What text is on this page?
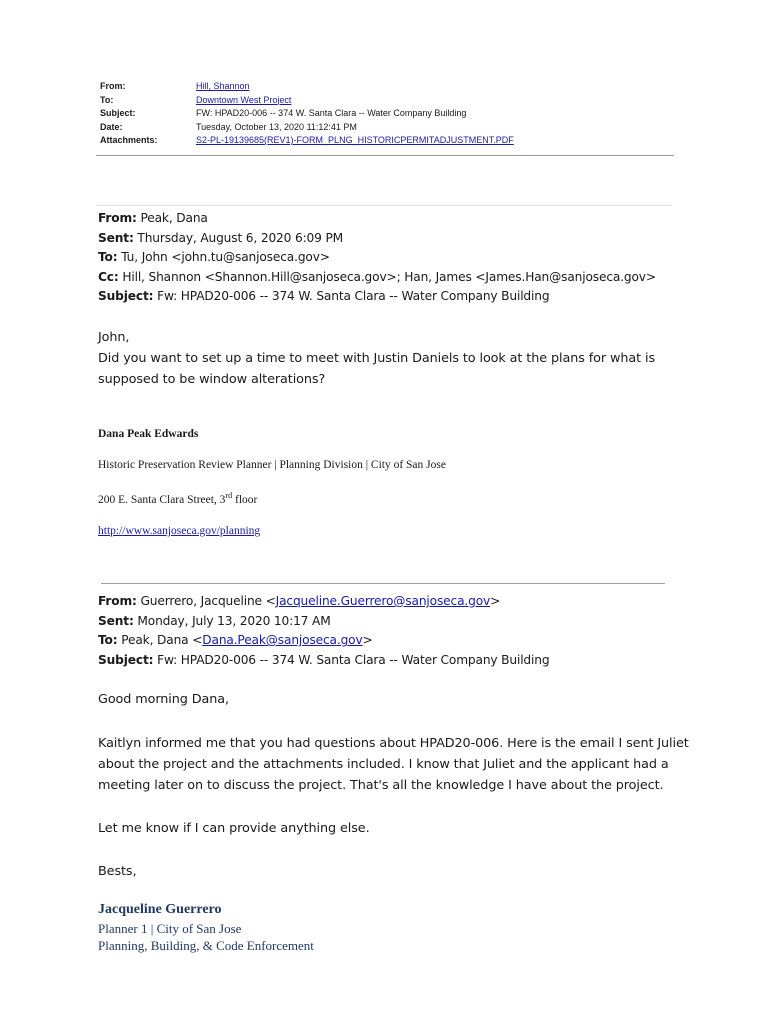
From:	Hill, Shannon
To:	Downtown West Project
Subject:	FW: HPAD20-006 -- 374 W. Santa Clara -- Water Company Building
Date:	Tuesday, October 13, 2020 11:12:41 PM
Attachments:	S2-PL-19139685(REV1)-FORM_PLNG_HISTORICPERMITADJUSTMENT.PDF
From: Peak, Dana
Sent: Thursday, August 6, 2020 6:09 PM
To: Tu, John <john.tu@sanjoseca.gov>
Cc: Hill, Shannon <Shannon.Hill@sanjoseca.gov>; Han, James <James.Han@sanjoseca.gov>
Subject: Fw: HPAD20-006 -- 374 W. Santa Clara -- Water Company Building
John,
Did you want to set up a time to meet with Justin Daniels to look at the plans for what is
supposed to be window alterations?
Dana Peak Edwards
Historic Preservation Review Planner | Planning Division | City of San Jose
200 E. Santa Clara Street, 3rd floor
http://www.sanjoseca.gov/planning
From: Guerrero, Jacqueline <Jacqueline.Guerrero@sanjoseca.gov>
Sent: Monday, July 13, 2020 10:17 AM
To: Peak, Dana <Dana.Peak@sanjoseca.gov>
Subject: Fw: HPAD20-006 -- 374 W. Santa Clara -- Water Company Building
Good morning Dana,
Kaitlyn informed me that you had questions about HPAD20-006. Here is the email I sent Juliet
about the project and the attachments included. I know that Juliet and the applicant had a
meeting later on to discuss the project. That's all the knowledge I have about the project.
Let me know if I can provide anything else.
Bests,
Jacqueline Guerrero
Planner 1 | City of San Jose
Planning, Building, & Code Enforcement
